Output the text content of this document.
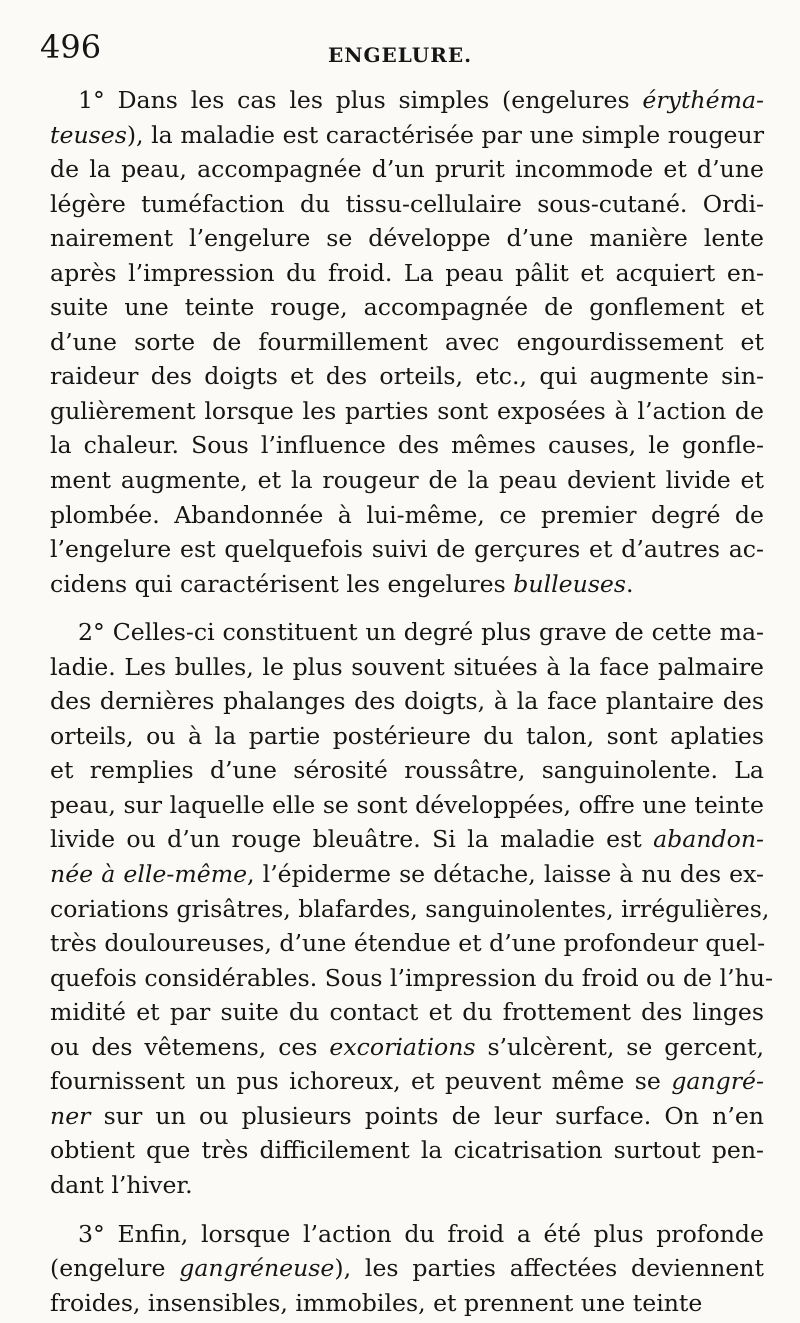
496	ENGELURE.
1° Dans les cas les plus simples (engelures érythéma-
teuses), la maladie est caractérisée par une simple rougeur
de la peau, accompagnée d’un prurit incommode et d’une
légère tuméfaction du tissu-cellulaire sous-cutané. Ordi-
nairement l’engelure se développe d’une manière lente
après l’impression du froid. La peau pâlit et acquiert en-
suite une teinte rouge, accompagnée de gonflement et
d’une sorte de fourmillement avec engourdissement et
raideur des doigts et des orteils, etc., qui augmente sin-
gulièrement lorsque les parties sont exposées à l’action de
la chaleur. Sous l’influence des mêmes causes, le gonfle-
ment augmente, et la rougeur de la peau devient livide et
plombée. Abandonnée à lui-même, ce premier degré de
l’engelure est quelquefois suivi de gerçures et d’autres ac-
cidens qui caractérisent les engelures bulleuses.
2° Celles-ci constituent un degré plus grave de cette ma-
ladie. Les bulles, le plus souvent situées à la face palmaire
des dernières phalanges des doigts, à la face plantaire des
orteils, ou à la partie postérieure du talon, sont aplaties
et remplies d’une sérosité roussâtre, sanguinolente. La
peau, sur laquelle elle se sont développées, offre une teinte
livide ou d’un rouge bleuâtre. Si la maladie est abandon-
née à elle-même, l’épiderme se détache, laisse à nu des ex-
coriations grisâtres, blafardes, sanguinolentes, irrégulières,
très douloureuses, d’une étendue et d’une profondeur quel-
quefois considérables. Sous l’impression du froid ou de l’hu-
midité et par suite du contact et du frottement des linges
ou des vêtemens, ces excoriations s’ulcèrent, se gercent,
fournissent un pus ichoreux, et peuvent même se gangré-
ner sur un ou plusieurs points de leur surface. On n’en
obtient que très difficilement la cicatrisation surtout pen-
dant l’hiver.
3° Enfin, lorsque l’action du froid a été plus profonde
(engelure gangréneuse), les parties affectées deviennent
froides, insensibles, immobiles, et prennent une teinte
